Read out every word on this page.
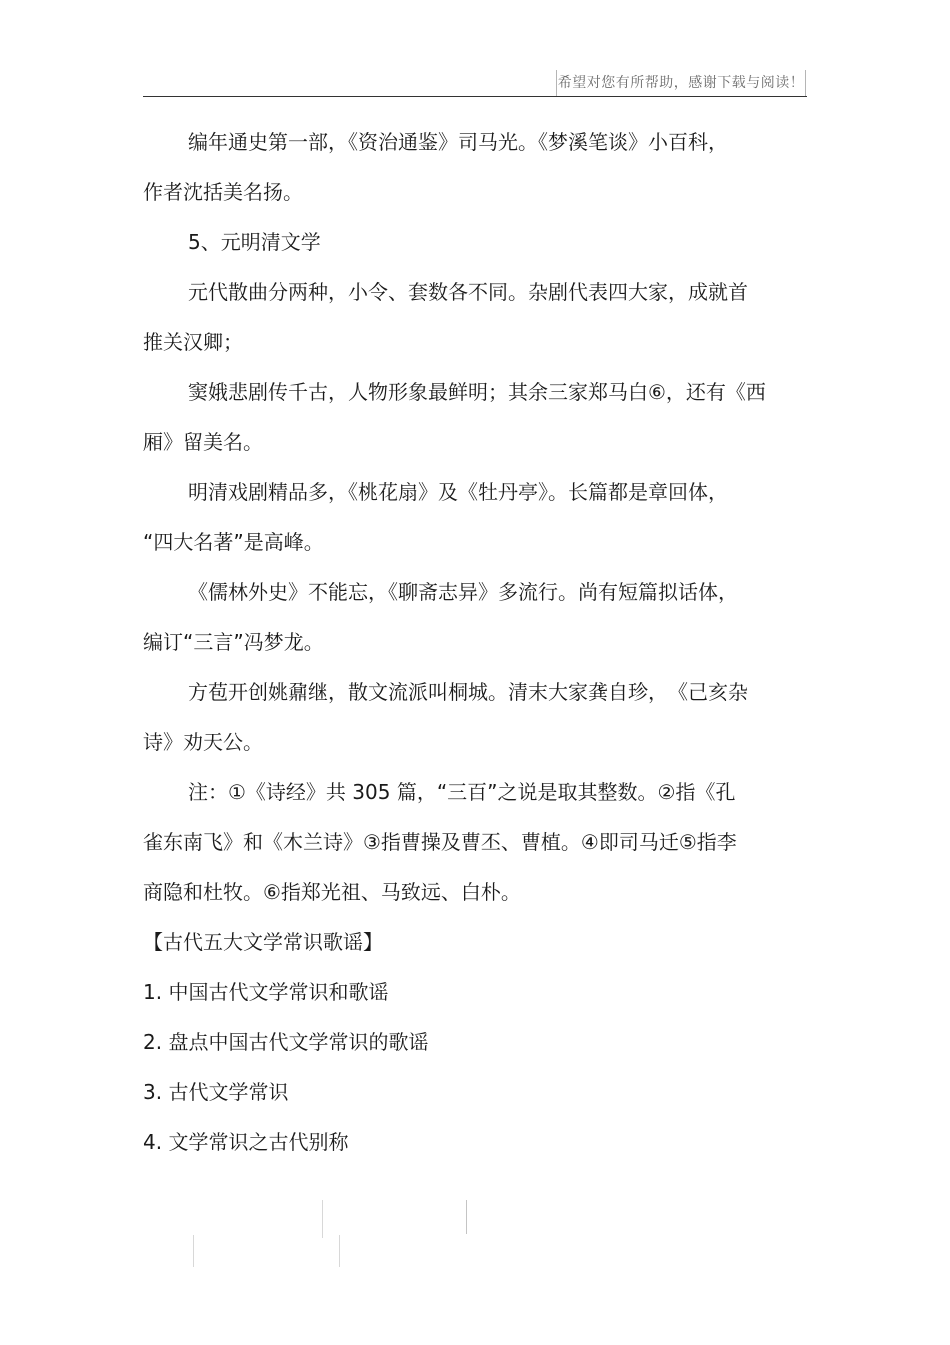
希望对您有所帮助，感谢下载与阅读！
编年通史第一部，《资治通鉴》司马光。《梦溪笔谈》小百科，
作者沈括美名扬。
5、元明清文学
元代散曲分两种，小令、套数各不同。杂剧代表四大家，成就首
推关汉卿；
窦娥悲剧传千古，人物形象最鲜明；其余三家郑马白⑥，还有《西
厢》留美名。
明清戏剧精品多，《桃花扇》及《牡丹亭》。长篇都是章回体，
“四大名著”是高峰。
《儒林外史》不能忘，《聊斋志异》多流行。尚有短篇拟话体，
编订“三言”冯梦龙。
方苞开创姚鼐继，散文流派叫桐城。清末大家龚自珍，　《己亥杂
诗》劝天公。
注：①《诗经》共 305 篇，“三百”之说是取其整数。②指《孔
雀东南飞》和《木兰诗》③指曹操及曹丕、曹植。④即司马迁⑤指李
商隐和杜牧。⑥指郑光祖、马致远、白朴。
【古代五大文学常识歌谣】
1. 中国古代文学常识和歌谣
2. 盘点中国古代文学常识的歌谣
3. 古代文学常识
4. 文学常识之古代别称
